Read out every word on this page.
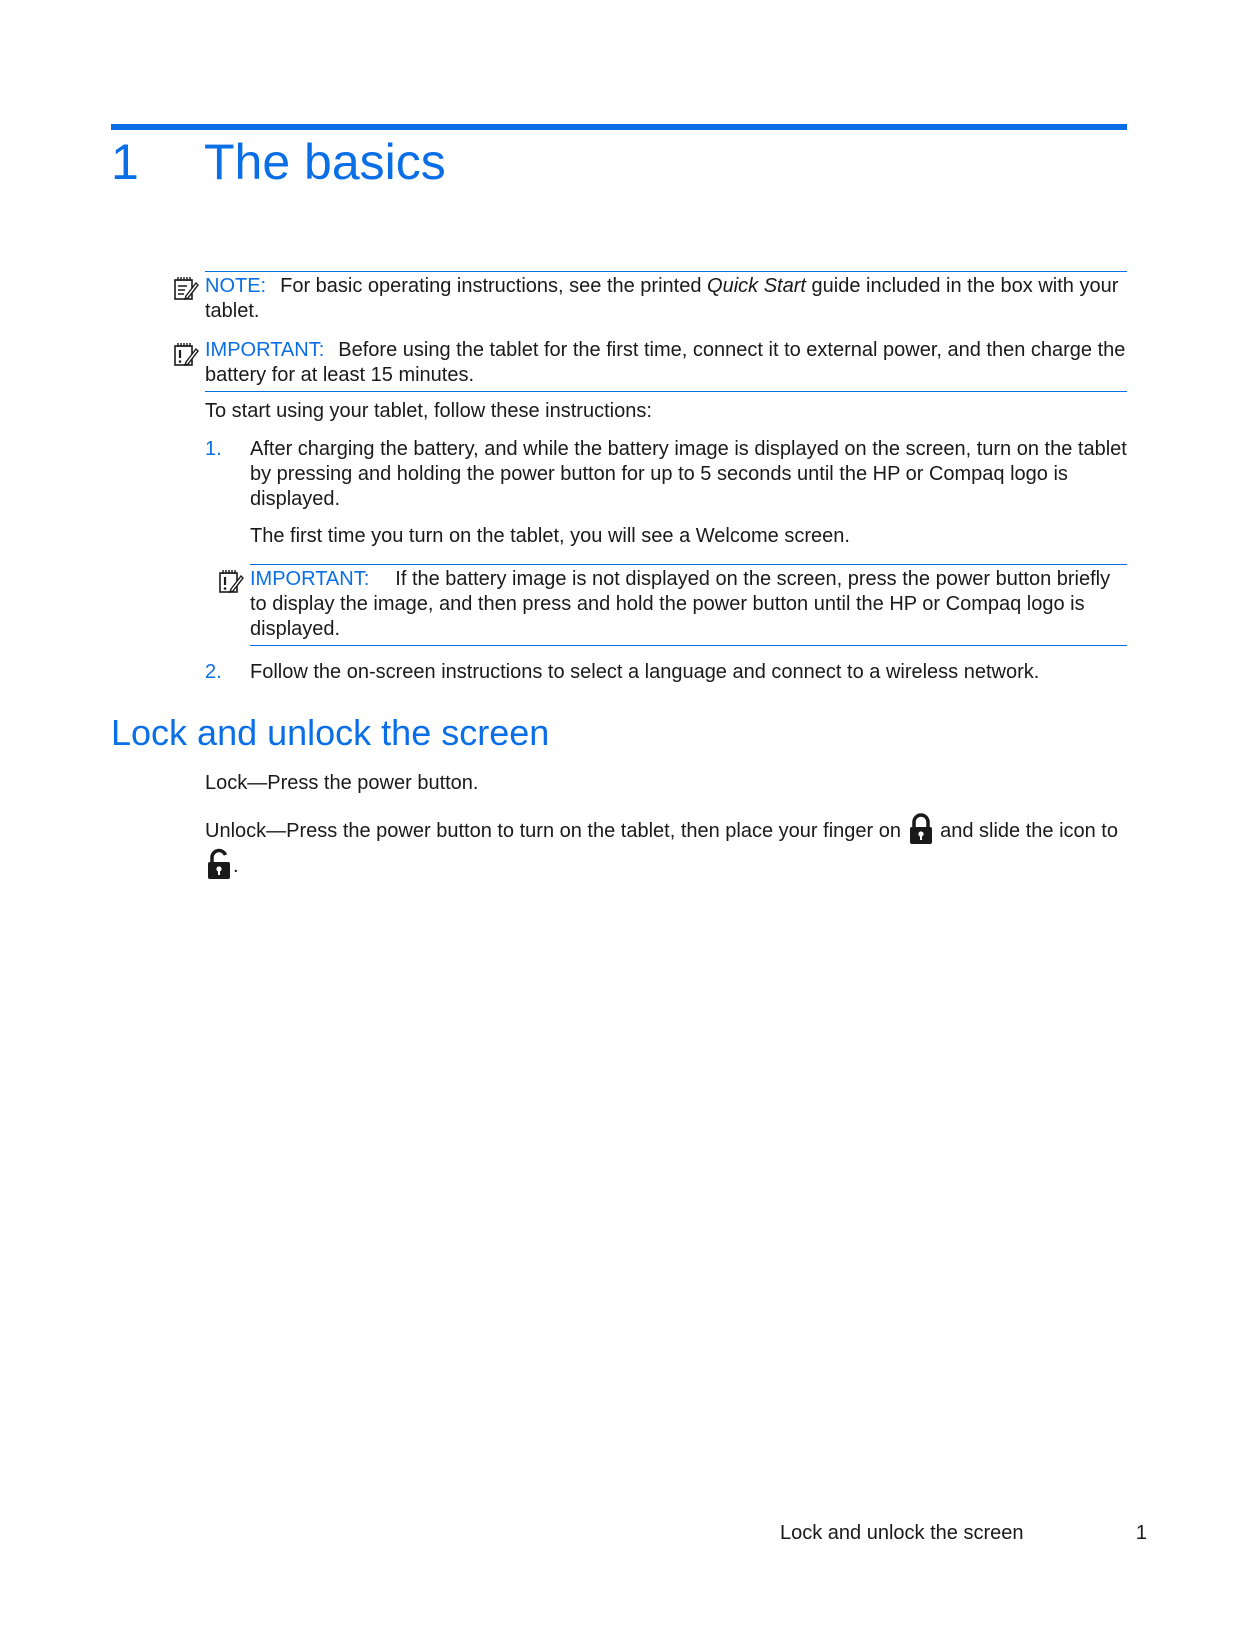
1 The basics
NOTE: For basic operating instructions, see the printed Quick Start guide included in the box with your tablet.
IMPORTANT: Before using the tablet for the first time, connect it to external power, and then charge the battery for at least 15 minutes.
To start using your tablet, follow these instructions:
1. After charging the battery, and while the battery image is displayed on the screen, turn on the tablet by pressing and holding the power button for up to 5 seconds until the HP or Compaq logo is displayed.
The first time you turn on the tablet, you will see a Welcome screen.
IMPORTANT: If the battery image is not displayed on the screen, press the power button briefly to display the image, and then press and hold the power button until the HP or Compaq logo is displayed.
2. Follow the on-screen instructions to select a language and connect to a wireless network.
Lock and unlock the screen
Lock—Press the power button.
Unlock—Press the power button to turn on the tablet, then place your finger on  and slide the icon to .
Lock and unlock the screen	1
